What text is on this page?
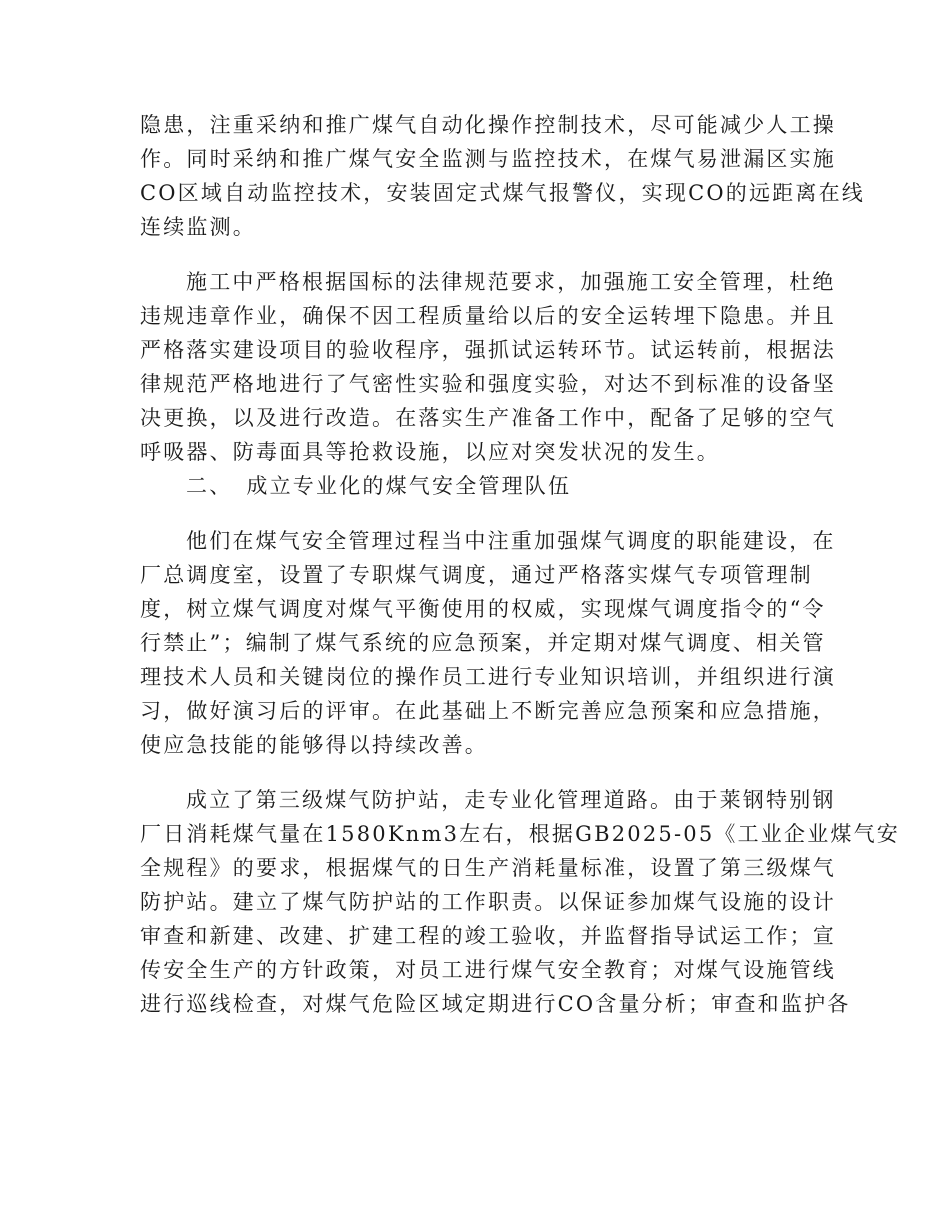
隐患，注重采纳和推广煤气自动化操作控制技术，尽可能减少人工操
作。同时采纳和推广煤气安全监测与监控技术，在煤气易泄漏区实施
CO区域自动监控技术，安装固定式煤气报警仪，实现CO的远距离在线
连续监测。

施工中严格根据国标的法律规范要求，加强施工安全管理，杜绝
违规违章作业，确保不因工程质量给以后的安全运转埋下隐患。并且
严格落实建设项目的验收程序，强抓试运转环节。试运转前，根据法
律规范严格地进行了气密性实验和强度实验，对达不到标准的设备坚
决更换，以及进行改造。在落实生产准备工作中，配备了足够的空气
呼吸器、防毒面具等抢救设施，以应对突发状况的发生。

二、 成立专业化的煤气安全管理队伍

他们在煤气安全管理过程当中注重加强煤气调度的职能建设，在
厂总调度室，设置了专职煤气调度，通过严格落实煤气专项管理制
度，树立煤气调度对煤气平衡使用的权威，实现煤气调度指令的“令
行禁止”；编制了煤气系统的应急预案，并定期对煤气调度、相关管
理技术人员和关键岗位的操作员工进行专业知识培训，并组织进行演
习，做好演习后的评审。在此基础上不断完善应急预案和应急措施，
使应急技能的能够得以持续改善。

成立了第三级煤气防护站，走专业化管理道路。由于莱钢特别钢
厂日消耗煤气量在1580Knm3左右，根据GB2025-05《工业企业煤气安
全规程》的要求，根据煤气的日生产消耗量标准，设置了第三级煤气
防护站。建立了煤气防护站的工作职责。以保证参加煤气设施的设计
审查和新建、改建、扩建工程的竣工验收，并监督指导试运工作；宣
传安全生产的方针政策，对员工进行煤气安全教育；对煤气设施管线
进行巡线检查，对煤气危险区域定期进行CO含量分析；审查和监护各
